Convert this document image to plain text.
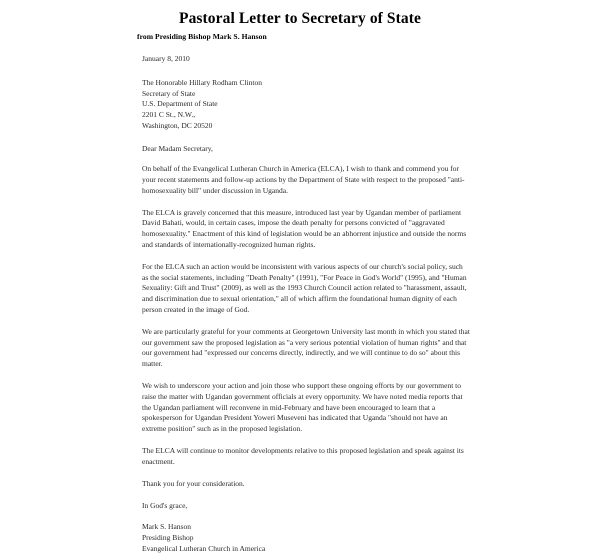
Pastoral Letter to Secretary of State
from Presiding Bishop Mark S. Hanson
January 8, 2010
The Honorable Hillary Rodham Clinton
Secretary of State
U.S. Department of State
2201 C St., N.W.,
Washington, DC 20520
Dear Madam Secretary,

On behalf of the Evangelical Lutheran Church in America (ELCA), I wish to thank and commend you for your recent statements and follow-up actions by the Department of State with respect to the proposed "anti-homosexuality bill" under discussion in Uganda.

The ELCA is gravely concerned that this measure, introduced last year by Ugandan member of parliament David Bahati, would, in certain cases, impose the death penalty for persons convicted of "aggravated homosexuality." Enactment of this kind of legislation would be an abhorrent injustice and outside the norms and standards of internationally-recognized human rights.

For the ELCA such an action would be inconsistent with various aspects of our church's social policy, such as the social statements, including "Death Penalty" (1991), "For Peace in God's World" (1995), and "Human Sexuality: Gift and Trust" (2009), as well as the 1993 Church Council action related to "harassment, assault, and discrimination due to sexual orientation," all of which affirm the foundational human dignity of each person created in the image of God.

We are particularly grateful for your comments at Georgetown University last month in which you stated that our government saw the proposed legislation as "a very serious potential violation of human rights" and that our government had "expressed our concerns directly, indirectly, and we will continue to do so" about this matter.

We wish to underscore your action and join those who support these ongoing efforts by our government to raise the matter with Ugandan government officials at every opportunity. We have noted media reports that the Ugandan parliament will reconvene in mid-February and have been encouraged to learn that a spokesperson for Ugandan President Yoweri Museveni has indicated that Uganda "should not have an extreme position" such as in the proposed legislation.

The ELCA will continue to monitor developments relative to this proposed legislation and speak against its enactment.

Thank you for your consideration.

In God's grace,
Mark S. Hanson
Presiding Bishop
Evangelical Lutheran Church in America
